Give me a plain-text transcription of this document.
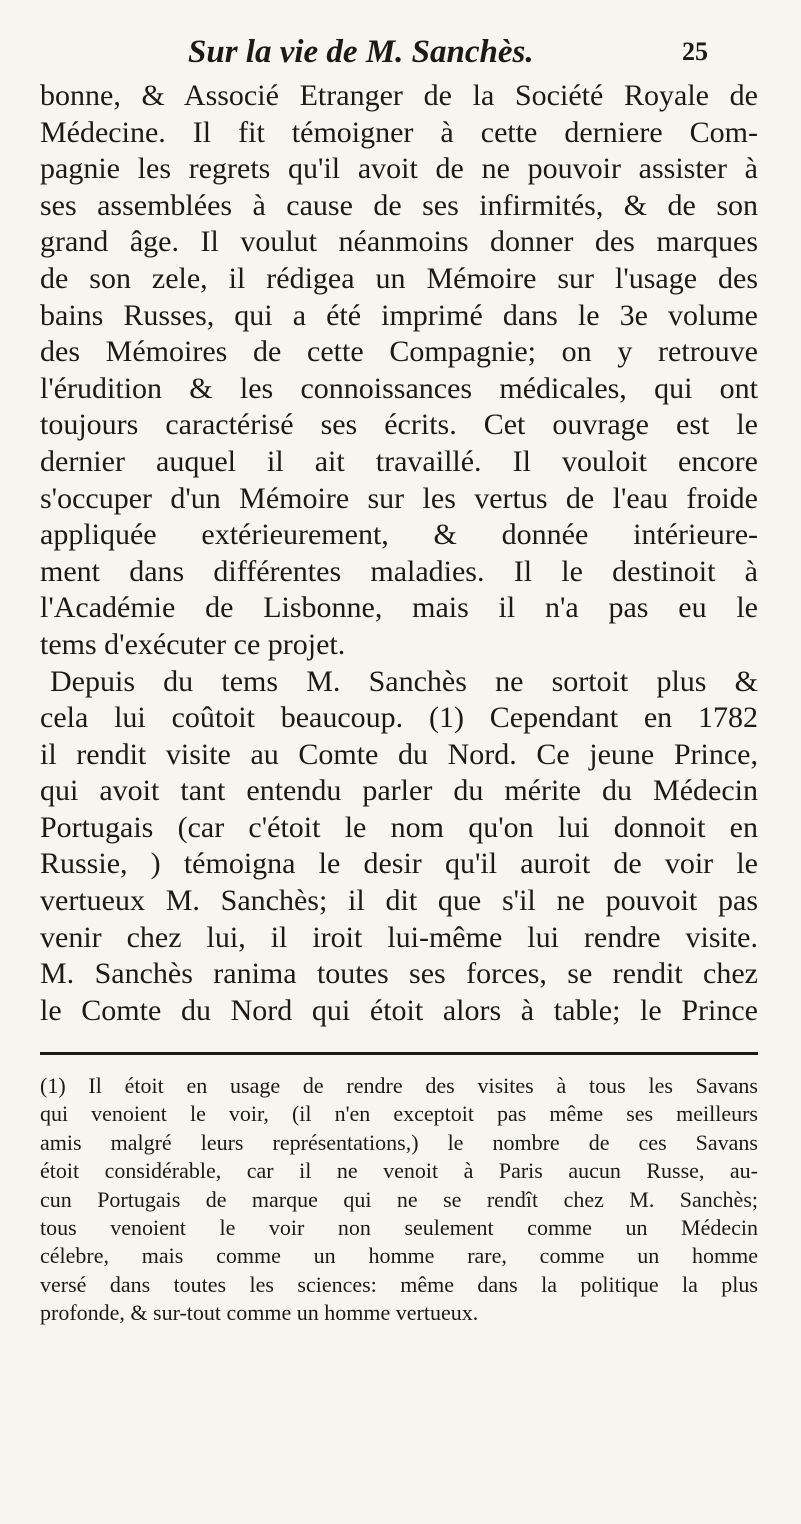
Sur la vie de M. Sanchès.	25
bonne, & Associé Etranger de la Société Royale de
Médecine. Il fit témoigner à cette derniere Com-
pagnie les regrets qu'il avoit de ne pouvoir assister à
ses assemblées à cause de ses infirmités, & de son
grand âge. Il voulut néanmoins donner des marques
de son zele, il rédigea un Mémoire sur l'usage des
bains Russes, qui a été imprimé dans le 3e volume
des Mémoires de cette Compagnie; on y retrouve
l'érudition & les connoissances médicales, qui ont
toujours caractérisé ses écrits. Cet ouvrage est le
dernier auquel il ait travaillé. Il vouloit encore
s'occuper d'un Mémoire sur les vertus de l'eau froide
appliquée extérieurement, & donnée intérieure-
ment dans différentes maladies. Il le destinoit à
l'Académie de Lisbonne, mais il n'a pas eu le
tems d'exécuter ce projet.
Depuis du tems M. Sanchès ne sortoit plus &
cela lui coûtoit beaucoup. (1) Cependant en 1782
il rendit visite au Comte du Nord. Ce jeune Prince,
qui avoit tant entendu parler du mérite du Médecin
Portugais (car c'étoit le nom qu'on lui donnoit en
Russie, ) témoigna le desir qu'il auroit de voir le
vertueux M. Sanchès; il dit que s'il ne pouvoit pas
venir chez lui, il iroit lui-même lui rendre visite.
M. Sanchès ranima toutes ses forces, se rendit chez
le Comte du Nord qui étoit alors à table; le Prince
(1) Il étoit en usage de rendre des visites à tous les Savans
qui venoient le voir, (il n'en exceptoit pas même ses meilleurs
amis malgré leurs représentations,) le nombre de ces Savans
étoit considérable, car il ne venoit à Paris aucun Russe, au-
cun Portugais de marque qui ne se rendît chez M. Sanchès;
tous venoient le voir non seulement comme un Médecin
célebre, mais comme un homme rare, comme un homme
versé dans toutes les sciences: même dans la politique la plus
profonde, & sur-tout comme un homme vertueux.
